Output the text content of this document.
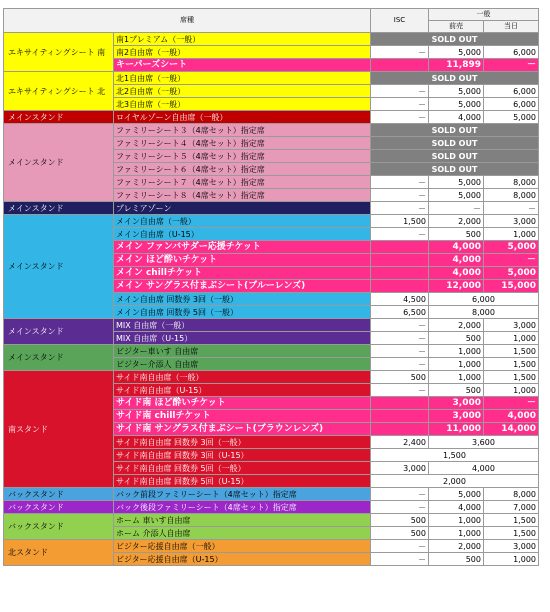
席種		ISC	一般	
			前売	当日
エキサイティングシート 南	南1プレミアム（一般）	SOLD OUT		
	南2自由席（一般）	－	5,000	6,000
	キーパーズシート		11,899	－
エキサイティングシート 北	北1自由席（一般）	SOLD OUT		
	北2自由席（一般）	－	5,000	6,000
	北3自由席（一般）	－	5,000	6,000
メインスタンド	ロイヤルゾーン自由席（一般）	－	4,000	5,000
メインスタンド	ファミリーシート３（4席セット）指定席	SOLD OUT		
	ファミリーシート４（4席セット）指定席	SOLD OUT		
	ファミリーシート５（4席セット）指定席	SOLD OUT		
	ファミリーシート６（4席セット）指定席	SOLD OUT		
	ファミリーシート７（4席セット）指定席	－	5,000	8,000
	ファミリーシート８（4席セット）指定席	－	5,000	8,000
メインスタンド	プレミアゾーン	－	－	－
メインスタンド	メイン自由席（一般）	1,500	2,000	3,000
	メイン自由席（U-15）	－	500	1,000
	メイン ファンバサダー応援チケット		4,000	5,000
	メイン ほど酔いチケット		4,000	－
	メイン chillチケット		4,000	5,000
	メイン サングラス付まぶシート(ブルーレンズ)		12,000	15,000
	メイン自由席 回数券 3回（一般）	4,500	6,000	
	メイン自由席 回数券 5回（一般）	6,500	8,000	
メインスタンド	MIX 自由席（一般）	－	2,000	3,000
	MIX 自由席（U-15）	－	500	1,000
メインスタンド	ビジター車いす 自由席	－	1,000	1,500
	ビジター介添人 自由席	－	1,000	1,500
南スタンド	サイド南自由席（一般）	500	1,000	1,500
	サイド南自由席（U-15）	－	500	1,000
	サイド南 ほど酔いチケット		3,000	－
	サイド南 chillチケット		3,000	4,000
	サイド南 サングラス付まぶシート(ブラウンレンズ)		11,000	14,000
	サイド南自由席 回数券 3回（一般）	2,400	3,600	
	サイド南自由席 回数券 3回（U-15）	1,500		
	サイド南自由席 回数券 5回（一般）	3,000	4,000	
	サイド南自由席 回数券 5回（U-15）	2,000		
バックスタンド	バック前段ファミリーシート（4席セット）指定席	－	5,000	8,000
バックスタンド	バック後段ファミリーシート（4席セット）指定席	－	4,000	7,000
バックスタンド	ホーム 車いす自由席	500	1,000	1,500
	ホーム 介添人自由席	500	1,000	1,500
北スタンド	ビジター応援自由席（一般）	－	2,000	3,000
	ビジター応援自由席（U-15）	－	500	1,000
